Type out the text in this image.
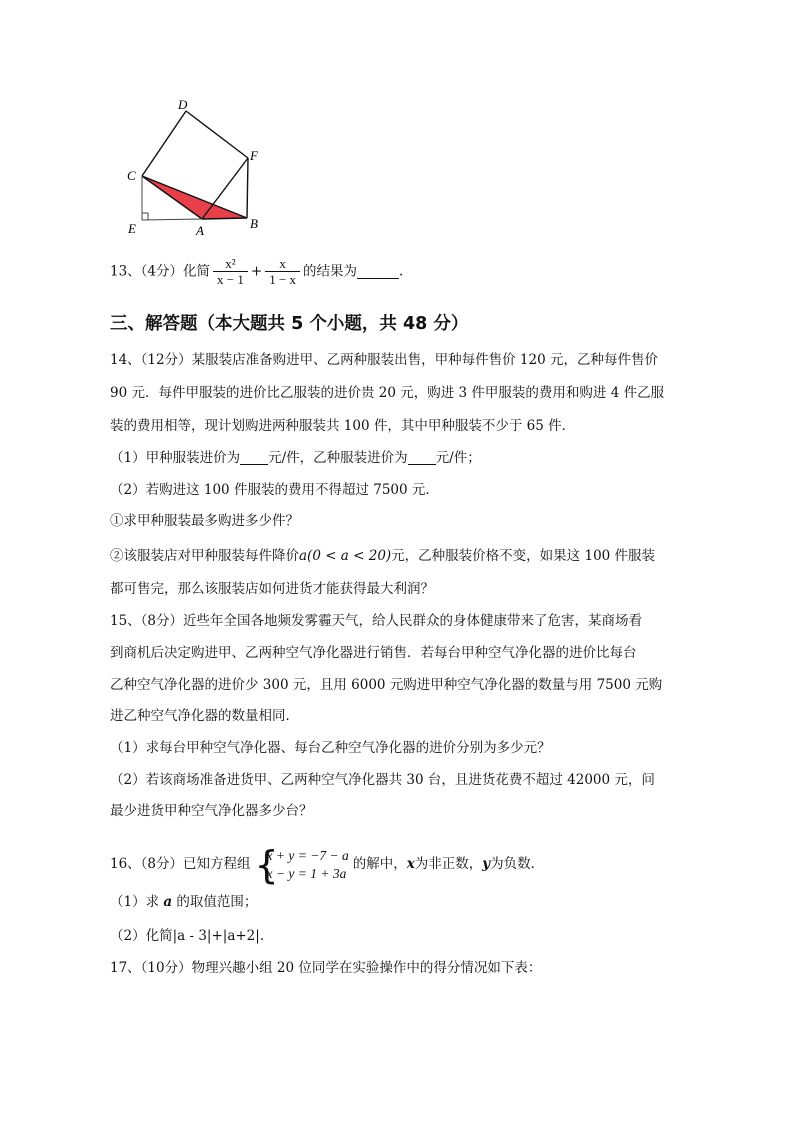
D
F
C
E	A	B
13、（4分）化简 $\frac{\text{x²}}{x - 1} + \frac{x}{1 - x}$ 的结果为	.
三、解答题（本大题共 5 个小题，共 48 分）
14、（12分）某服装店准备购进甲、乙两种服装出售，甲种每件售价 120 元，乙种每件售价
90 元．每件甲服装的进价比乙服装的进价贵 20 元，购进 3 件甲服装的费用和购进 4 件乙服
装的费用相等，现计划购进两种服装共 100 件，其中甲种服装不少于 65 件．
（1）甲种服装进价为 元/件，乙种服装进价为 元/件；
（2）若购进这 100 件服装的费用不得超过 7500 元．
①求甲种服装最多购进多少件？
②该服装店对甲种服装每件降价a(0 < a < 20)元，乙种服装价格不变，如果这 100 件服装
都可售完，那么该服装店如何进货才能获得最大利润？
15、（8分）近些年全国各地频发雾霾天气，给人民群众的身体健康带来了危害，某商场看
到商机后决定购进甲、乙两种空气净化器进行销售．若每台甲种空气净化器的进价比每台
乙种空气净化器的进价少 300 元，且用 6000 元购进甲种空气净化器的数量与用 7500 元购
进乙种空气净化器的数量相同．
（1）求每台甲种空气净化器、每台乙种空气净化器的进价分别为多少元？
（2）若该商场准备进货甲、乙两种空气净化器共 30 台，且进货花费不超过 42000 元，问
最少进货甲种空气净化器多少台？
16、（8分）已知方程组 {
x + y = −7 − a
x − y = 1 + 3a
的解中，x为非正数，y为负数．
（1）求 a 的取值范围；
（2）化简|a - 3|+|a+2|.
17、（10分）物理兴趣小组 20 位同学在实验操作中的得分情况如下表：
